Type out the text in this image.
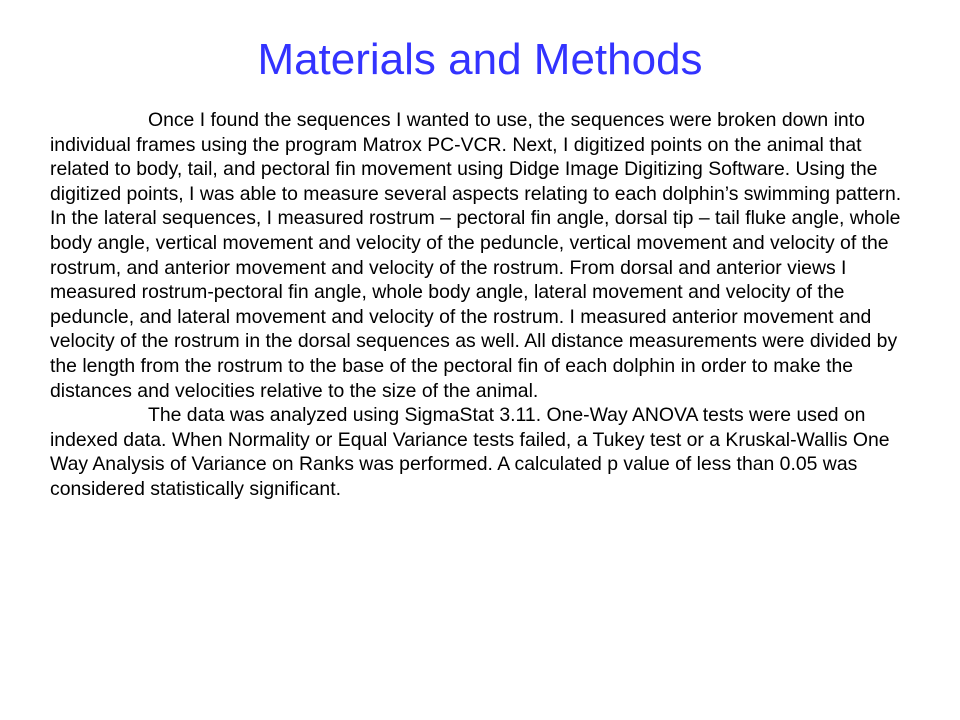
Materials and Methods

Once I found the sequences I wanted to use, the sequences were broken down into individual frames using the program Matrox PC-VCR. Next, I digitized points on the animal that related to body, tail, and pectoral fin movement using Didge Image Digitizing Software. Using the digitized points, I was able to measure several aspects relating to each dolphin’s swimming pattern. In the lateral sequences, I measured rostrum – pectoral fin angle, dorsal tip – tail fluke angle, whole body angle, vertical movement and velocity of the peduncle, vertical movement and velocity of the rostrum, and anterior movement and velocity of the rostrum. From dorsal and anterior views I measured rostrum-pectoral fin angle, whole body angle, lateral movement and velocity of the peduncle, and lateral movement and velocity of the rostrum. I measured anterior movement and velocity of the rostrum in the dorsal sequences as well. All distance measurements were divided by the length from the rostrum to the base of the pectoral fin of each dolphin in order to make the distances and velocities relative to the size of the animal.

The data was analyzed using SigmaStat 3.11. One-Way ANOVA tests were used on indexed data. When Normality or Equal Variance tests failed, a Tukey test or a Kruskal-Wallis One Way Analysis of Variance on Ranks was performed. A calculated p value of less than 0.05 was considered statistically significant.
